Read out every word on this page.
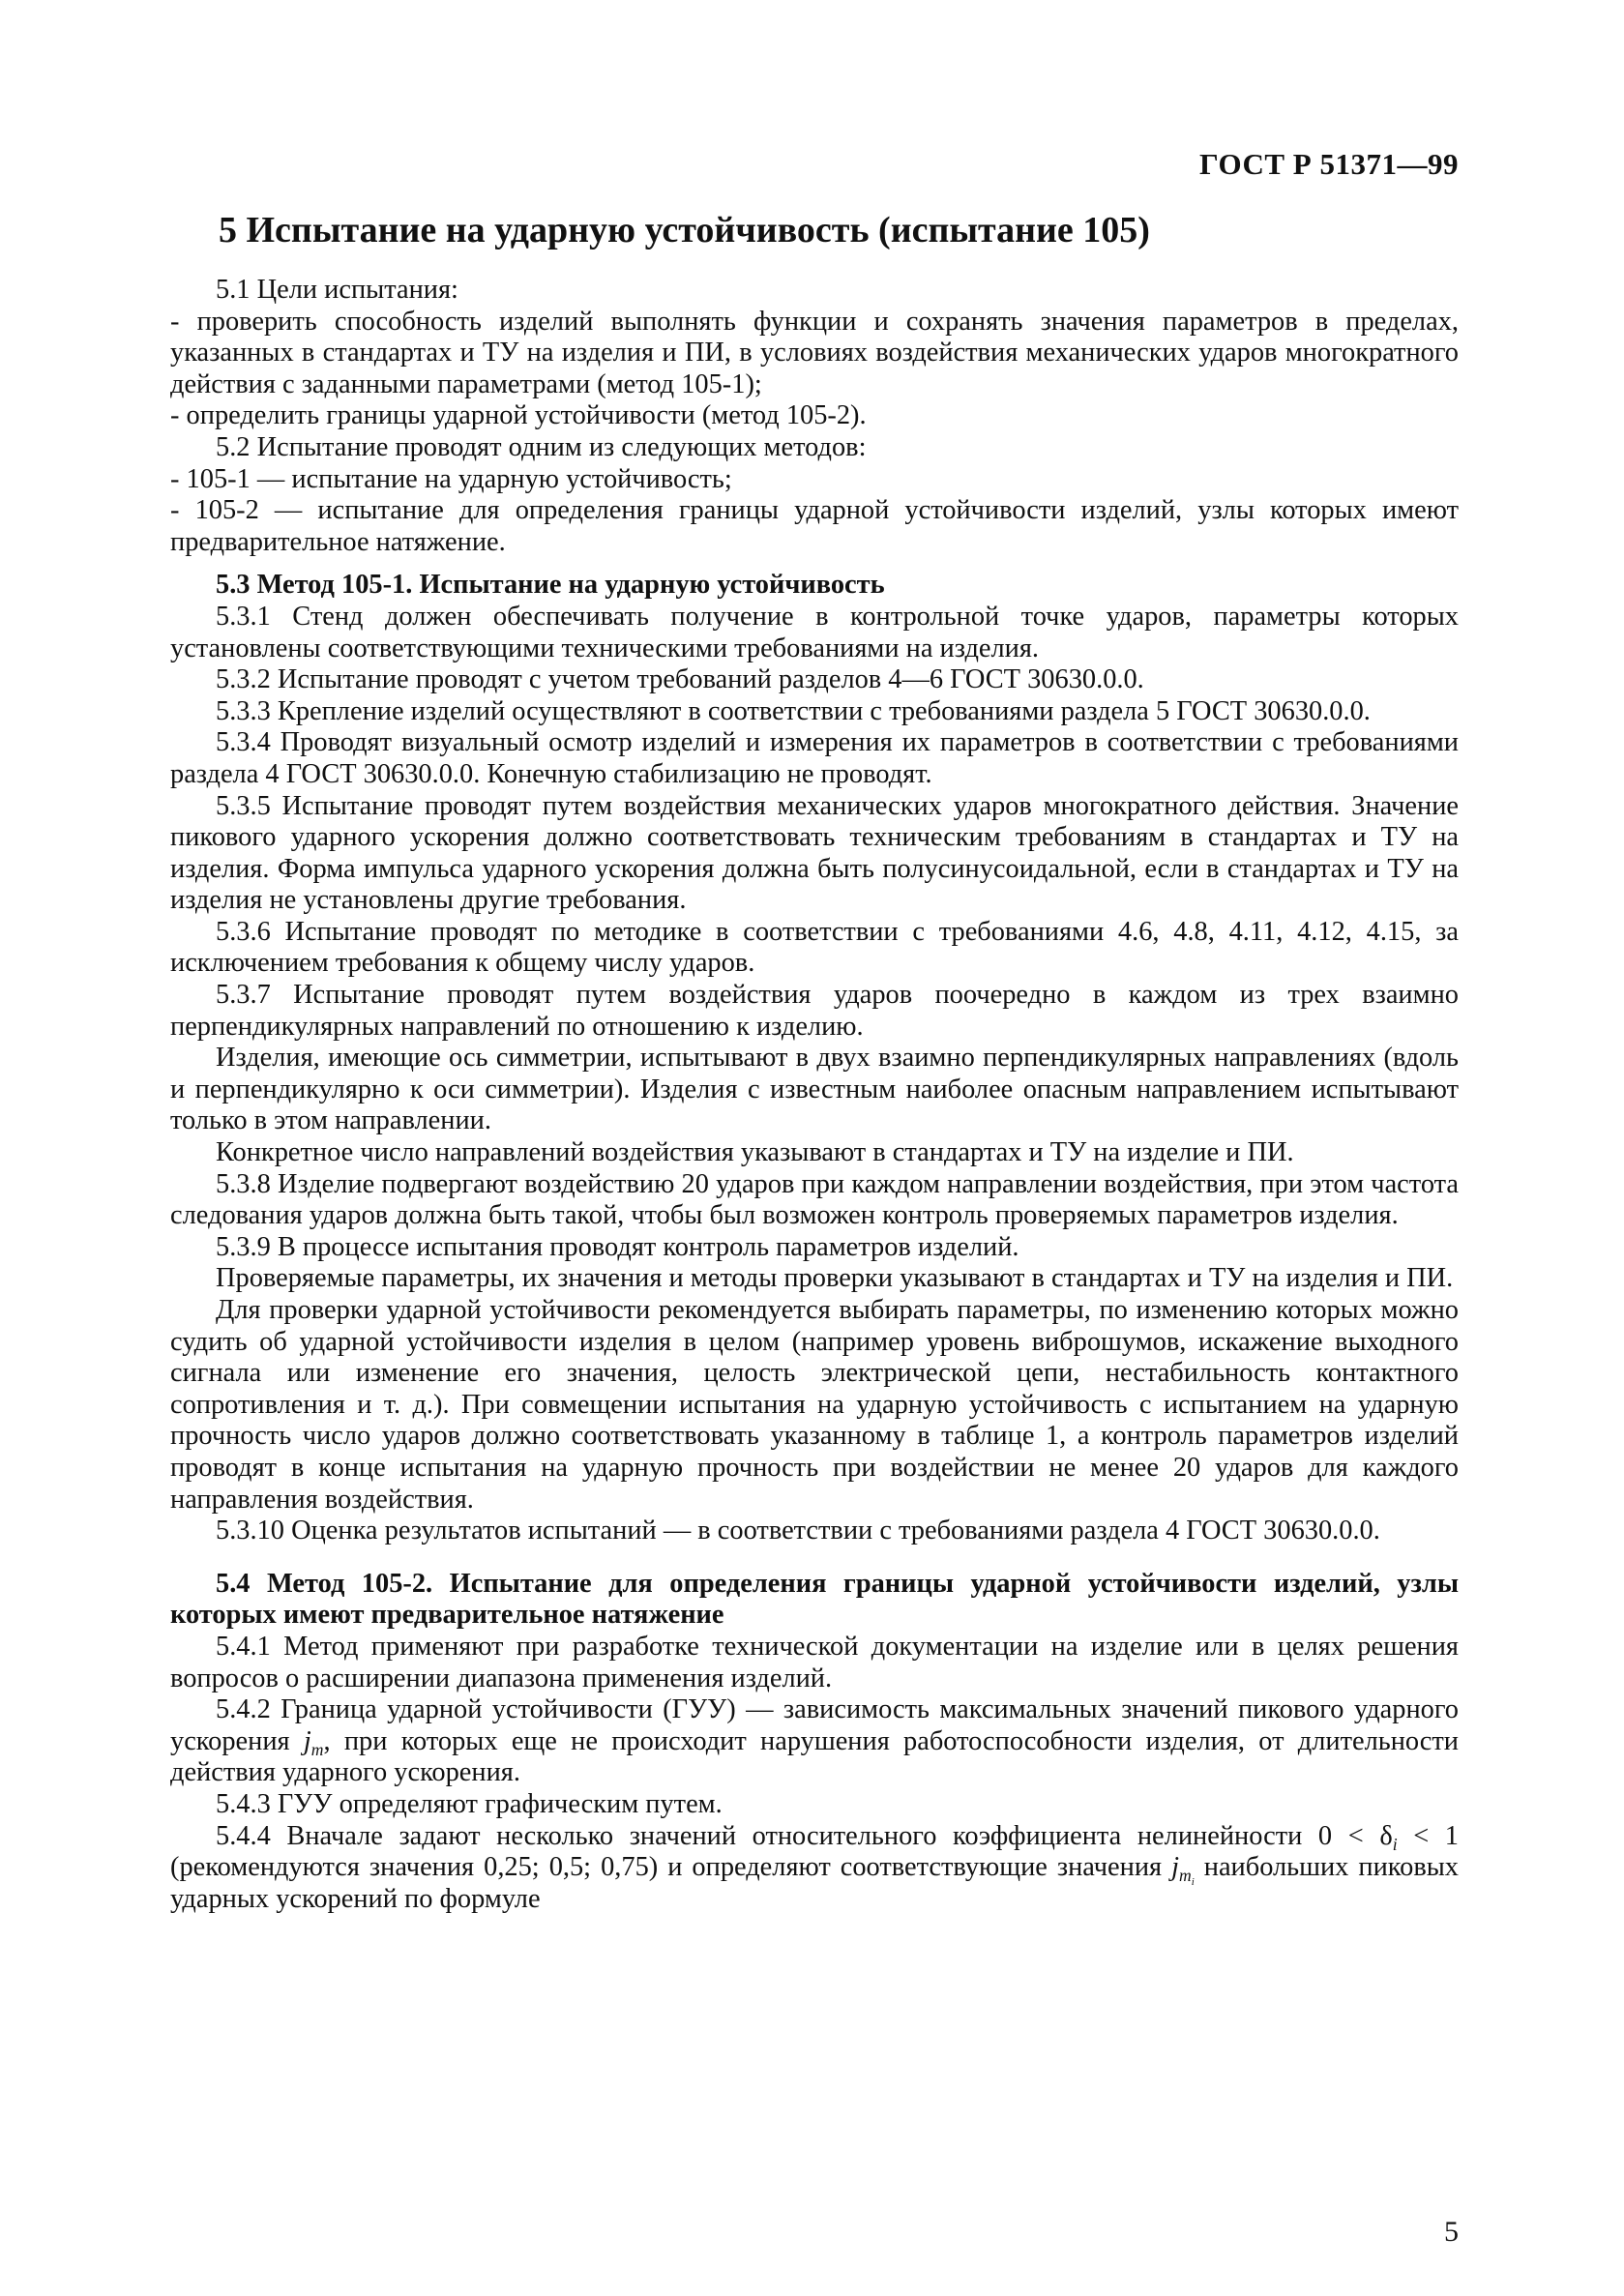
ГОСТ Р 51371—99
5 Испытание на ударную устойчивость (испытание 105)

5.1 Цели испытания:

- проверить способность изделий выполнять функции и сохранять значения параметров в пределах, указанных в стандартах и ТУ на изделия и ПИ, в условиях воздействия механических ударов многократного действия с заданными параметрами (метод 105-1);

- определить границы ударной устойчивости (метод 105-2).

5.2 Испытание проводят одним из следующих методов:

- 105-1 — испытание на ударную устойчивость;

- 105-2 — испытание для определения границы ударной устойчивости изделий, узлы которых имеют предварительное натяжение.

5.3 Метод 105-1. Испытание на ударную устойчивость

5.3.1 Стенд должен обеспечивать получение в контрольной точке ударов, параметры которых установлены соответствующими техническими требованиями на изделия.

5.3.2 Испытание проводят с учетом требований разделов 4—6 ГОСТ 30630.0.0.

5.3.3 Крепление изделий осуществляют в соответствии с требованиями раздела 5 ГОСТ 30630.0.0.

5.3.4 Проводят визуальный осмотр изделий и измерения их параметров в соответствии с требованиями раздела 4 ГОСТ 30630.0.0. Конечную стабилизацию не проводят.

5.3.5 Испытание проводят путем воздействия механических ударов многократного действия. Значение пикового ударного ускорения должно соответствовать техническим требованиям в стандартах и ТУ на изделия. Форма импульса ударного ускорения должна быть полусинусоидальной, если в стандартах и ТУ на изделия не установлены другие требования.

5.3.6 Испытание проводят по методике в соответствии с требованиями 4.6, 4.8, 4.11, 4.12, 4.15, за исключением требования к общему числу ударов.

5.3.7 Испытание проводят путем воздействия ударов поочередно в каждом из трех взаимно перпендикулярных направлений по отношению к изделию.

Изделия, имеющие ось симметрии, испытывают в двух взаимно перпендикулярных направлениях (вдоль и перпендикулярно к оси симметрии). Изделия с известным наиболее опасным направлением испытывают только в этом направлении.

Конкретное число направлений воздействия указывают в стандартах и ТУ на изделие и ПИ.

5.3.8 Изделие подвергают воздействию 20 ударов при каждом направлении воздействия, при этом частота следования ударов должна быть такой, чтобы был возможен контроль проверяемых параметров изделия.

5.3.9 В процессе испытания проводят контроль параметров изделий.

Проверяемые параметры, их значения и методы проверки указывают в стандартах и ТУ на изделия и ПИ.

Для проверки ударной устойчивости рекомендуется выбирать параметры, по изменению которых можно судить об ударной устойчивости изделия в целом (например уровень виброшумов, искажение выходного сигнала или изменение его значения, целость электрической цепи, нестабильность контактного сопротивления и т. д.). При совмещении испытания на ударную устойчивость с испытанием на ударную прочность число ударов должно соответствовать указанному в таблице 1, а контроль параметров изделий проводят в конце испытания на ударную прочность при воздействии не менее 20 ударов для каждого направления воздействия.

5.3.10 Оценка результатов испытаний — в соответствии с требованиями раздела 4 ГОСТ 30630.0.0.

5.4 Метод 105-2. Испытание для определения границы ударной устойчивости изделий, узлы которых имеют предварительное натяжение

5.4.1 Метод применяют при разработке технической документации на изделие или в целях решения вопросов о расширении диапазона применения изделий.

5.4.2 Граница ударной устойчивости (ГУУ) — зависимость максимальных значений пикового ударного ускорения $j_m$, при которых еще не происходит нарушения работоспособности изделия, от длительности действия ударного ускорения.

5.4.3 ГУУ определяют графическим путем.

5.4.4 Вначале задают несколько значений относительного коэффициента нелинейности $0 < \delta_i < 1$ (рекомендуются значения 0,25; 0,5; 0,75) и определяют соответствующие значения $j_{m_i}$ наибольших пиковых ударных ускорений по формуле

5
